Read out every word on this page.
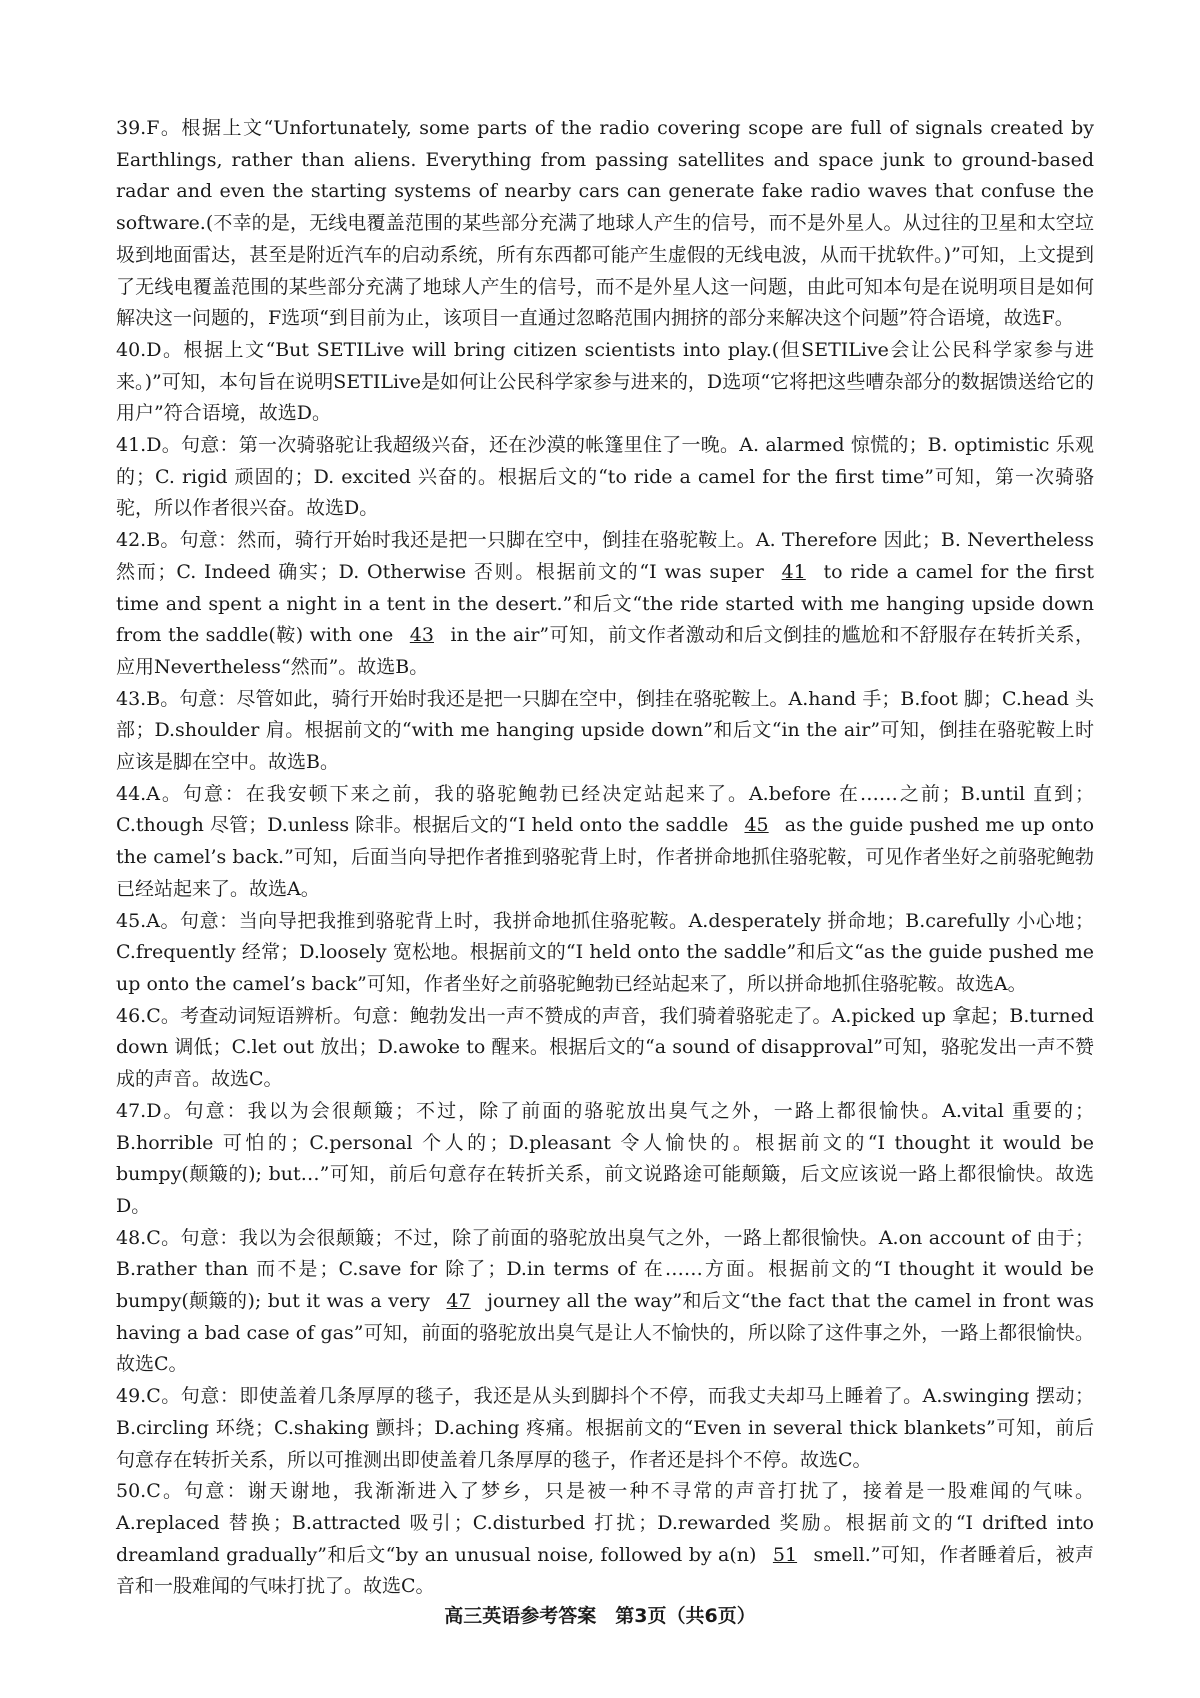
39.F。根据上文“Unfortunately, some parts of the radio covering scope are full of signals created by Earthlings, rather than aliens. Everything from passing satellites and space junk to ground-based radar and even the starting systems of nearby cars can generate fake radio waves that confuse the software.(不幸的是，无线电覆盖范围的某些部分充满了地球人产生的信号，而不是外星人。从过往的卫星和太空垃圾到地面雷达，甚至是附近汽车的启动系统，所有东西都可能产生虚假的无线电波，从而干扰软件。)”可知，上文提到了无线电覆盖范围的某些部分充满了地球人产生的信号，而不是外星人这一问题，由此可知本句是在说明项目是如何解决这一问题的，F选项“到目前为止，该项目一直通过忽略范围内拥挤的部分来解决这个问题”符合语境，故选F。

40.D。根据上文“But SETILive will bring citizen scientists into play.(但SETILive会让公民科学家参与进来。)”可知，本句旨在说明SETILive是如何让公民科学家参与进来的，D选项“它将把这些嘈杂部分的数据馈送给它的用户”符合语境，故选D。

41.D。句意：第一次骑骆驼让我超级兴奋，还在沙漠的帐篷里住了一晚。A. alarmed 惊慌的；B. optimistic 乐观的；C. rigid 顽固的；D. excited 兴奋的。根据后文的“to ride a camel for the first time”可知，第一次骑骆驼，所以作者很兴奋。故选D。

42.B。句意：然而，骑行开始时我还是把一只脚在空中，倒挂在骆驼鞍上。A. Therefore 因此；B. Nevertheless 然而；C. Indeed 确实；D. Otherwise 否则。根据前文的“I was super 41 to ride a camel for the first time and spent a night in a tent in the desert.”和后文“the ride started with me hanging upside down from the saddle(鞍) with one 43 in the air”可知，前文作者激动和后文倒挂的尴尬和不舒服存在转折关系，应用Nevertheless“然而”。故选B。

43.B。句意：尽管如此，骑行开始时我还是把一只脚在空中，倒挂在骆驼鞍上。A.hand 手；B.foot 脚；C.head 头部；D.shoulder 肩。根据前文的“with me hanging upside down”和后文“in the air”可知，倒挂在骆驼鞍上时应该是脚在空中。故选B。

44.A。句意：在我安顿下来之前，我的骆驼鲍勃已经决定站起来了。A.before 在……之前；B.until 直到；C.though 尽管；D.unless 除非。根据后文的“I held onto the saddle 45 as the guide pushed me up onto the camel’s back.”可知，后面当向导把作者推到骆驼背上时，作者拼命地抓住骆驼鞍，可见作者坐好之前骆驼鲍勃已经站起来了。故选A。

45.A。句意：当向导把我推到骆驼背上时，我拼命地抓住骆驼鞍。A.desperately 拼命地；B.carefully 小心地；C.frequently 经常；D.loosely 宽松地。根据前文的“I held onto the saddle”和后文“as the guide pushed me up onto the camel’s back”可知，作者坐好之前骆驼鲍勃已经站起来了，所以拼命地抓住骆驼鞍。故选A。

46.C。考查动词短语辨析。句意：鲍勃发出一声不赞成的声音，我们骑着骆驼走了。A.picked up 拿起；B.turned down 调低；C.let out 放出；D.awoke to 醒来。根据后文的“a sound of disapproval”可知，骆驼发出一声不赞成的声音。故选C。

47.D。句意：我以为会很颠簸；不过，除了前面的骆驼放出臭气之外，一路上都很愉快。A.vital 重要的；B.horrible 可怕的；C.personal 个人的；D.pleasant 令人愉快的。根据前文的“I thought it would be bumpy(颠簸的); but…”可知，前后句意存在转折关系，前文说路途可能颠簸，后文应该说一路上都很愉快。故选D。

48.C。句意：我以为会很颠簸；不过，除了前面的骆驼放出臭气之外，一路上都很愉快。A.on account of 由于；B.rather than 而不是；C.save for 除了；D.in terms of 在……方面。根据前文的“I thought it would be bumpy(颠簸的); but it was a very 47 journey all the way”和后文“the fact that the camel in front was having a bad case of gas”可知，前面的骆驼放出臭气是让人不愉快的，所以除了这件事之外，一路上都很愉快。故选C。

49.C。句意：即使盖着几条厚厚的毯子，我还是从头到脚抖个不停，而我丈夫却马上睡着了。A.swinging 摆动；B.circling 环绕；C.shaking 颤抖；D.aching 疼痛。根据前文的“Even in several thick blankets”可知，前后句意存在转折关系，所以可推测出即使盖着几条厚厚的毯子，作者还是抖个不停。故选C。

50.C。句意：谢天谢地，我渐渐进入了梦乡，只是被一种不寻常的声音打扰了，接着是一股难闻的气味。A.replaced 替换；B.attracted 吸引；C.disturbed 打扰；D.rewarded 奖励。根据前文的“I drifted into dreamland gradually”和后文“by an unusual noise, followed by a(n) 51 smell.”可知，作者睡着后，被声音和一股难闻的气味打扰了。故选C。

高三英语参考答案　第3页（共6页）
